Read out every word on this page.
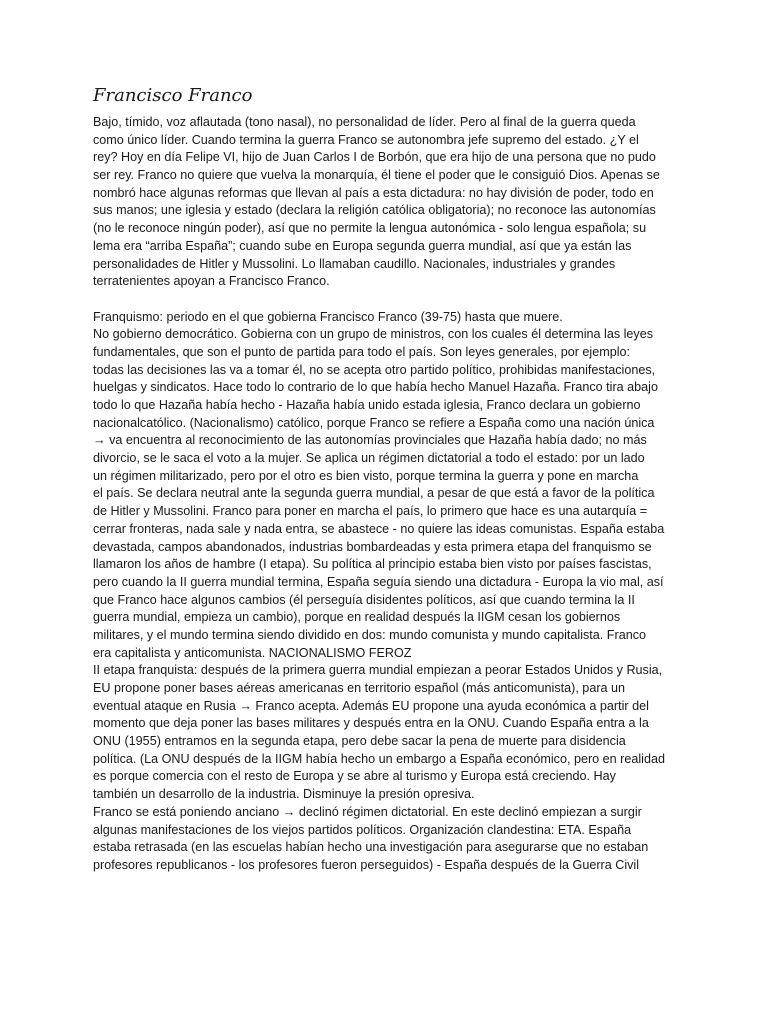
Francisco Franco
Bajo, tímido, voz aflautada (tono nasal), no personalidad de líder. Pero al final de la guerra queda
como único líder. Cuando termina la guerra Franco se autonombra jefe supremo del estado. ¿Y el
rey? Hoy en día Felipe VI, hijo de Juan Carlos I de Borbón, que era hijo de una persona que no pudo
ser rey. Franco no quiere que vuelva la monarquía, él tiene el poder que le consiguió Dios. Apenas se
nombró hace algunas reformas que llevan al país a esta dictadura: no hay división de poder, todo en
sus manos; une iglesia y estado (declara la religión católica obligatoria); no reconoce las autonomías
(no le reconoce ningún poder), así que no permite la lengua autonómica - solo lengua española; su
lema era “arriba España”; cuando sube en Europa segunda guerra mundial, así que ya están las
personalidades de Hitler y Mussolini. Lo llamaban caudillo. Nacionales, industriales y grandes
terratenientes apoyan a Francisco Franco.
Franquismo: periodo en el que gobierna Francisco Franco (39-75) hasta que muere.
No gobierno democrático. Gobierna con un grupo de ministros, con los cuales él determina las leyes
fundamentales, que son el punto de partida para todo el país. Son leyes generales, por ejemplo:
todas las decisiones las va a tomar él, no se acepta otro partido político, prohibidas manifestaciones,
huelgas y sindicatos. Hace todo lo contrario de lo que había hecho Manuel Hazaña. Franco tira abajo
todo lo que Hazaña había hecho - Hazaña había unido estada iglesia, Franco declara un gobierno
nacionalcatólico. (Nacionalismo) católico, porque Franco se refiere a España como una nación única
→ va encuentra al reconocimiento de las autonomías provinciales que Hazaña había dado; no más
divorcio, se le saca el voto a la mujer. Se aplica un régimen dictatorial a todo el estado: por un lado
un régimen militarizado, pero por el otro es bien visto, porque termina la guerra y pone en marcha
el país. Se declara neutral ante la segunda guerra mundial, a pesar de que está a favor de la política
de Hitler y Mussolini. Franco para poner en marcha el país, lo primero que hace es una autarquía =
cerrar fronteras, nada sale y nada entra, se abastece - no quiere las ideas comunistas. España estaba
devastada, campos abandonados, industrias bombardeadas y esta primera etapa del franquismo se
llamaron los años de hambre (I etapa). Su política al principio estaba bien visto por países fascistas,
pero cuando la II guerra mundial termina, España seguía siendo una dictadura - Europa la vio mal, así
que Franco hace algunos cambios (él perseguía disidentes políticos, así que cuando termina la II
guerra mundial, empieza un cambio), porque en realidad después la IIGM cesan los gobiernos
militares, y el mundo termina siendo dividido en dos: mundo comunista y mundo capitalista. Franco
era capitalista y anticomunista. NACIONALISMO FEROZ
II etapa franquista: después de la primera guerra mundial empiezan a peorar Estados Unidos y Rusia,
EU propone poner bases aéreas americanas en territorio español (más anticomunista), para un
eventual ataque en Rusia → Franco acepta. Además EU propone una ayuda económica a partir del
momento que deja poner las bases militares y después entra en la ONU. Cuando España entra a la
ONU (1955) entramos en la segunda etapa, pero debe sacar la pena de muerte para disidencia
política. (La ONU después de la IIGM había hecho un embargo a España económico, pero en realidad
es porque comercia con el resto de Europa y se abre al turismo y Europa está creciendo. Hay
también un desarrollo de la industria. Disminuye la presión opresiva.
Franco se está poniendo anciano → declinó régimen dictatorial. En este declinó empiezan a surgir
algunas manifestaciones de los viejos partidos políticos. Organización clandestina: ETA. España
estaba retrasada (en las escuelas habían hecho una investigación para asegurarse que no estaban
profesores republicanos - los profesores fueron perseguidos) - España después de la Guerra Civil
